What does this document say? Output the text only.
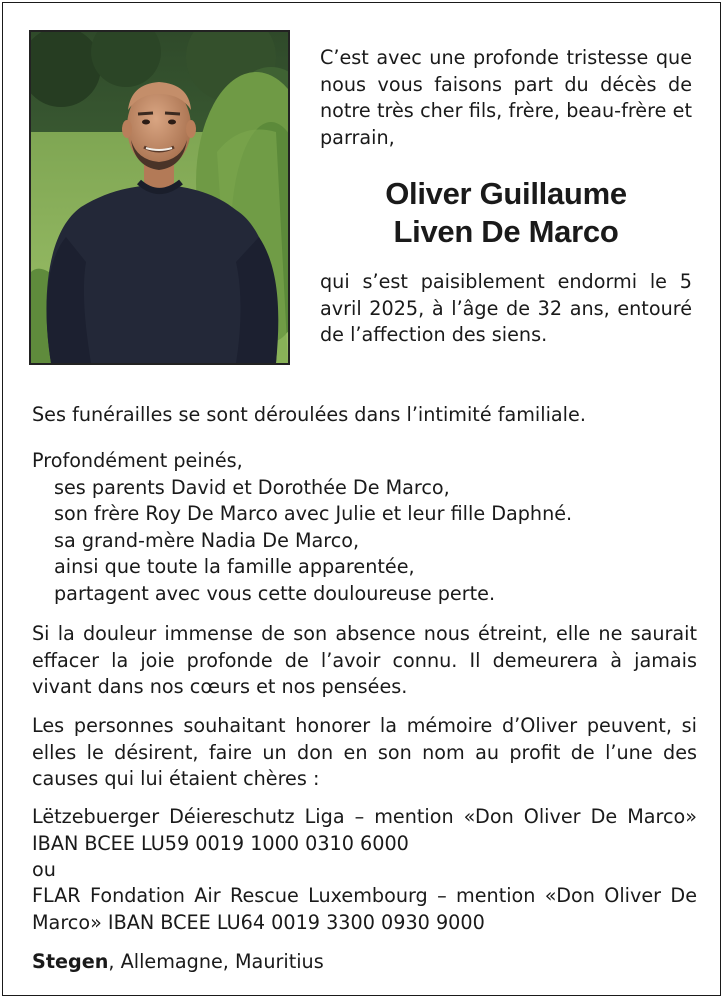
C’est avec une profonde tristesse que nous vous faisons part du décès de notre très cher fils, frère, beau-frère et parrain,
Oliver Guillaume
Liven De Marco
qui s’est paisiblement endormi le 5 avril 2025, à l’âge de 32 ans, entouré de l’affection des siens.
Ses funérailles se sont déroulées dans l’intimité familiale.
Profondément peinés,
ses parents David et Dorothée De Marco,
son frère Roy De Marco avec Julie et leur fille Daphné.
sa grand-mère Nadia De Marco,
ainsi que toute la famille apparentée,
partagent avec vous cette douloureuse perte.
Si la douleur immense de son absence nous étreint, elle ne saurait effacer la joie profonde de l’avoir connu. Il demeurera à jamais vivant dans nos cœurs et nos pensées.
Les personnes souhaitant honorer la mémoire d’Oliver peuvent, si elles le désirent, faire un don en son nom au profit de l’une des causes qui lui étaient chères :
Lëtzebuerger Déiereschutz Liga – mention «Don Oliver De Marco» IBAN BCEE LU59 0019 1000 0310 6000
ou
FLAR Fondation Air Rescue Luxembourg – mention «Don Oliver De Marco» IBAN BCEE LU64 0019 3300 0930 9000
Stegen, Allemagne, Mauritius
